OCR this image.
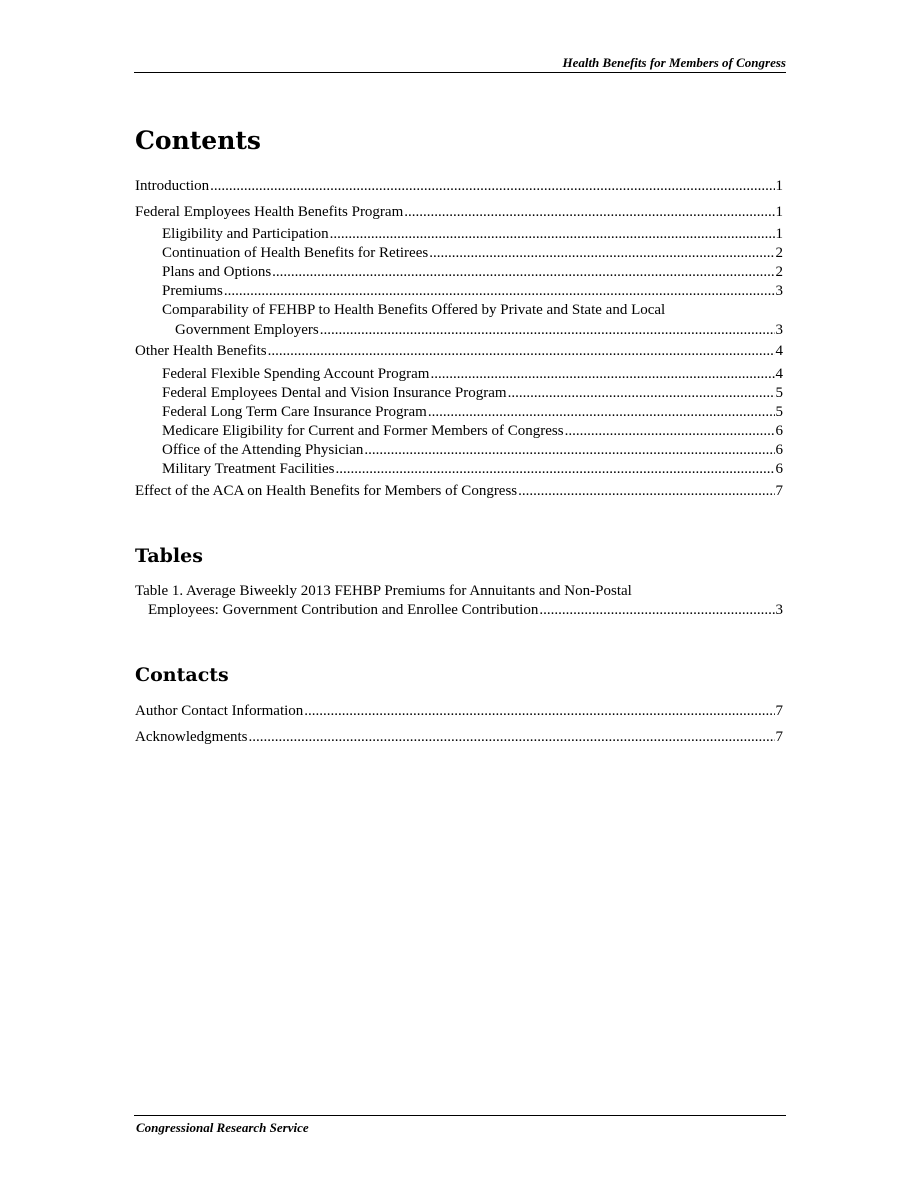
Health Benefits for Members of Congress
Contents
Introduction .....	1
Federal Employees Health Benefits Program .....	1
Eligibility and Participation .....	1
Continuation of Health Benefits for Retirees .....	2
Plans and Options .....	2
Premiums .....	3
Comparability of FEHBP to Health Benefits Offered by Private and State and Local
Government Employers .....	3
Other Health Benefits .....	4
Federal Flexible Spending Account Program .....	4
Federal Employees Dental and Vision Insurance Program .....	5
Federal Long Term Care Insurance Program .....	5
Medicare Eligibility for Current and Former Members of Congress .....	6
Office of the Attending Physician .....	6
Military Treatment Facilities .....	6
Effect of the ACA on Health Benefits for Members of Congress .....	7
Tables
Table 1. Average Biweekly 2013 FEHBP Premiums for Annuitants and Non-Postal
Employees: Government Contribution and Enrollee Contribution .....	3
Contacts
Author Contact Information .....	7
Acknowledgments .....	7
Congressional Research Service
